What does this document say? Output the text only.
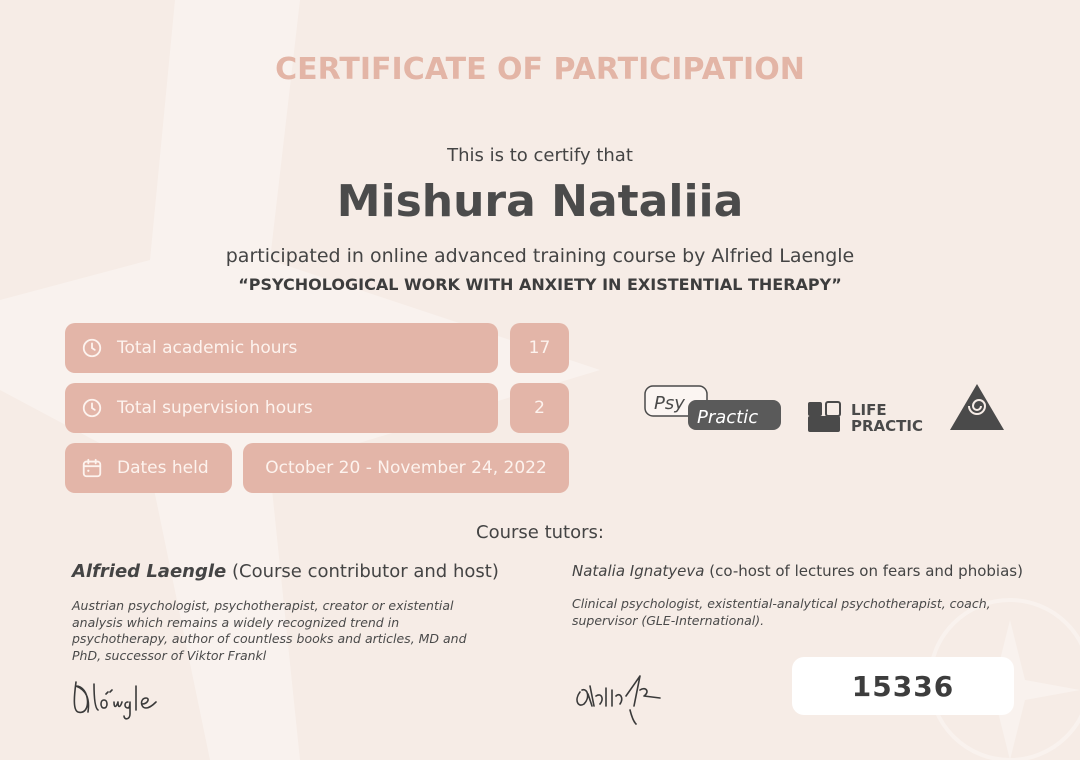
CERTIFICATE OF PARTICIPATION
This is to certify that
Mishura Nataliia
participated in online advanced training course by Alfried Laengle
“PSYCHOLOGICAL WORK WITH ANXIETY IN EXISTENTIAL THERAPY”
Total academic hours	17
Total supervision hours	2
Dates held	October 20 - November 24, 2022
Psy
Practic	LIFE
PRACTIC
Course tutors:
Alfried Laengle (Course contributor and host)
Austrian psychologist, psychotherapist, creator or existential analysis which remains a widely recognized trend in psychotherapy, author of countless books and articles, MD and PhD, successor of Viktor Frankl
Natalia Ignatyeva (co-host of lectures on fears and phobias)
Clinical psychologist, existential-analytical psychotherapist, coach, supervisor (GLE-International).
15336
